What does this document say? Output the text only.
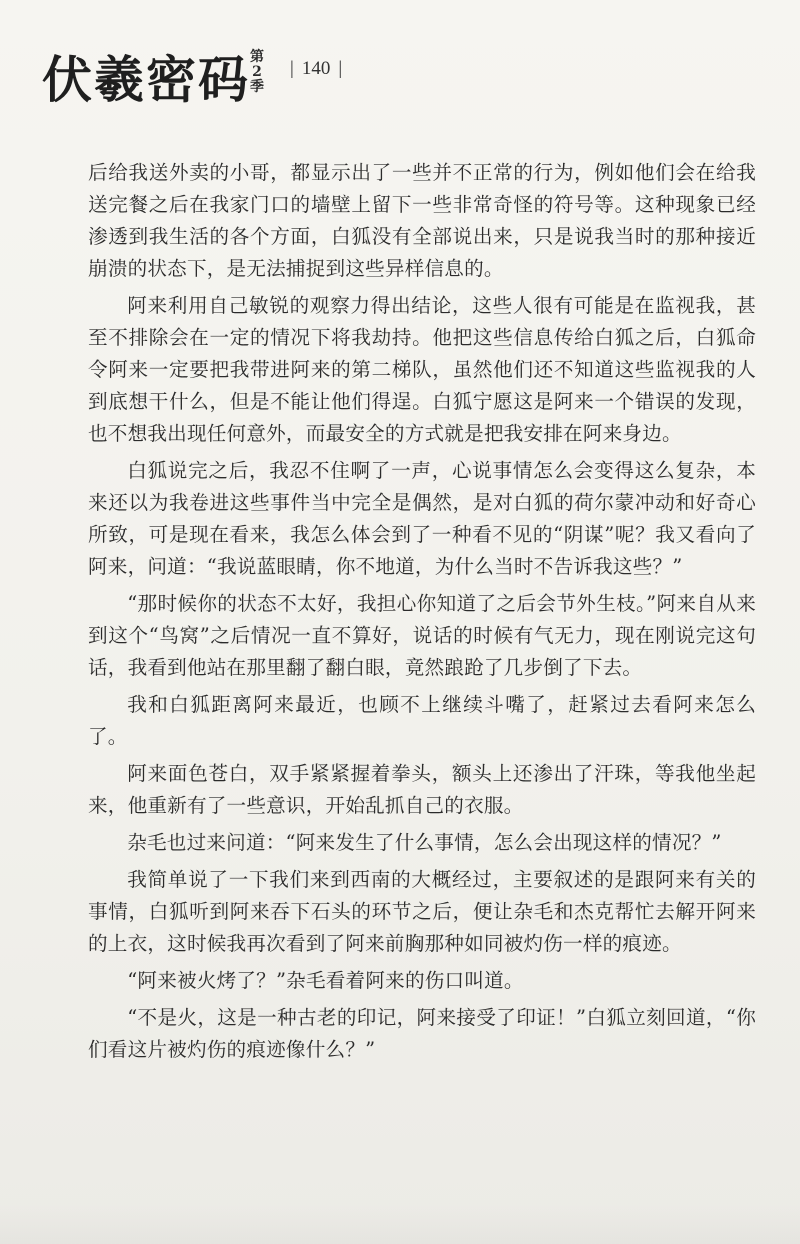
伏羲密码 第2季
| 140 |

后给我送外卖的小哥，都显示出了一些并不正常的行为，例如他们会在给我送完餐之后在我家门口的墙壁上留下一些非常奇怪的符号等。这种现象已经渗透到我生活的各个方面，白狐没有全部说出来，只是说我当时的那种接近崩溃的状态下，是无法捕捉到这些异样信息的。

阿来利用自己敏锐的观察力得出结论，这些人很有可能是在监视我，甚至不排除会在一定的情况下将我劫持。他把这些信息传给白狐之后，白狐命令阿来一定要把我带进阿来的第二梯队，虽然他们还不知道这些监视我的人到底想干什么，但是不能让他们得逞。白狐宁愿这是阿来一个错误的发现，也不想我出现任何意外，而最安全的方式就是把我安排在阿来身边。

白狐说完之后，我忍不住啊了一声，心说事情怎么会变得这么复杂，本来还以为我卷进这些事件当中完全是偶然，是对白狐的荷尔蒙冲动和好奇心所致，可是现在看来，我怎么体会到了一种看不见的“阴谋”呢？我又看向了阿来，问道：“我说蓝眼睛，你不地道，为什么当时不告诉我这些？”

“那时候你的状态不太好，我担心你知道了之后会节外生枝。”阿来自从来到这个“鸟窝”之后情况一直不算好，说话的时候有气无力，现在刚说完这句话，我看到他站在那里翻了翻白眼，竟然踉跄了几步倒了下去。

我和白狐距离阿来最近，也顾不上继续斗嘴了，赶紧过去看阿来怎么了。

阿来面色苍白，双手紧紧握着拳头，额头上还渗出了汗珠，等我他坐起来，他重新有了一些意识，开始乱抓自己的衣服。

杂毛也过来问道：“阿来发生了什么事情，怎么会出现这样的情况？”

我简单说了一下我们来到西南的大概经过，主要叙述的是跟阿来有关的事情，白狐听到阿来吞下石头的环节之后，便让杂毛和杰克帮忙去解开阿来的上衣，这时候我再次看到了阿来前胸那种如同被灼伤一样的痕迹。

“阿来被火烤了？”杂毛看着阿来的伤口叫道。

“不是火，这是一种古老的印记，阿来接受了印证！”白狐立刻回道，“你们看这片被灼伤的痕迹像什么？”
